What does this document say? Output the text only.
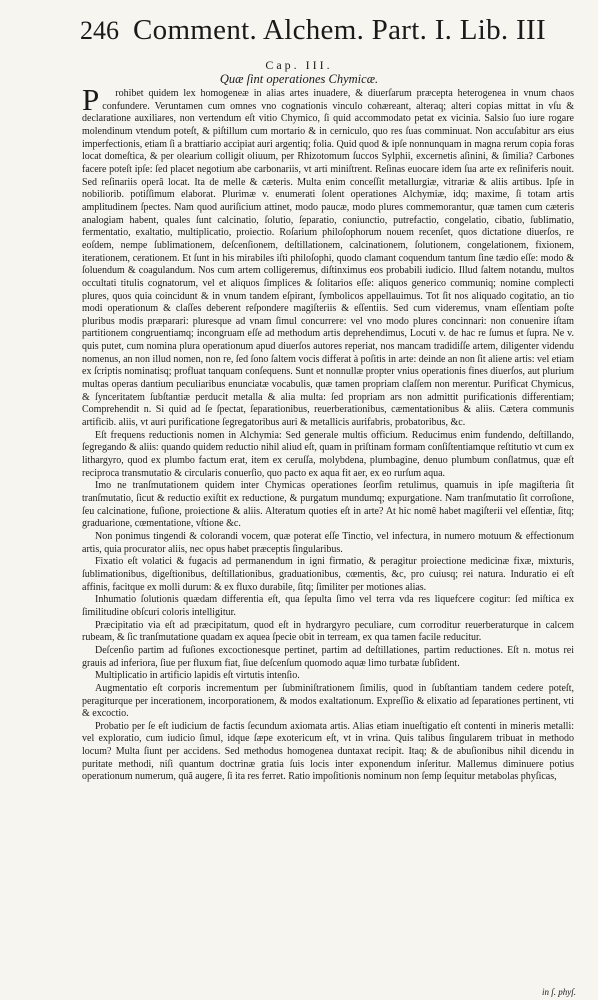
246 Comment. Alchem. Part. I. Lib. III
Cap. III.
Quæ ſint operationes Chymicæ.

P rohibet quidem lex homogeneæ in alias artes inuadere, & diuerſarum præcepta heterogenea in vnum chaos confundere. Veruntamen cum omnes vno cognationis vinculo cohæreant, alteraq; alteri copias mittat in vſu & declaratione auxiliares, non vertendum eſt vitio Chymico, ſi quid accommodato petat ex vicinia. Salsio ſuo iure rogare molendinum vtendum poteſt, & piſtillum cum mortario & in cerniculo, quo res ſuas comminuat. Non accuſabitur ars eius imperfectionis, etiam ſi a brattiario accipiat auri argentiq; folia. Quid quod & ipſe nonnunquam in magna rerum copia foras locat domeſtica, & per olearium colligit oliuum, per Rhizotomum ſuccos Sylphii, excernetis aſinini, & ſimilia? Carbones facere poteſt ipſe: ſed placet negotium abe carbonariis, vt arti miniſtrent. Reſinas euocare idem ſua arte ex reſiniferis nouit. Sed reſinariis operâ locat. Ita de melle & cæteris. Multa enim conceſſit metallurgiæ, vitrariæ & aliis artibus. Ipſe in nobiliorib. potiſſimum elaborat. Plurimæ v. enumerati ſolent operationes Alchymiæ, idq; maxime, ſi totam artis amplitudinem ſpectes. Nam quod auriſicium attinet, modo paucæ, modo plures commemorantur, quæ tamen cum cæteris analogiam habent, quales ſunt calcinatio, ſolutio, ſeparatio, coniunctio, putrefactio, congelatio, cibatio, ſublimatio, fermentatio, exaltatio, multiplicatio, proiectio. Roſarium philoſophorum nouem recenſet, quos dictatione diuerſos, re eoſdem, nempe ſublimationem, deſcenſionem, deſtillationem, calcinationem, ſolutionem, congelationem, fixionem, iterationem, cerationem. Et ſunt in his mirabiles iſti philoſophi, quodo clamant coquendum tantum ſine tædio eſſe: modo & ſoluendum & coagulandum. Nos cum artem colligeremus, diſtinximus eos probabili iudicio. Illud ſaltem notandu, multos occultati titulis cognatorum, vel et aliquos ſimplices & ſolitarios eſſe: aliquos generico communiq; nomine complecti plures, quos quia coincidunt & in vnum tandem eſpirant, ſymbolicos appellauimus. Tot ſit nos aliquado cogitatio, an tio modi operationum & claſſes deberent reſpondere magiſteriis & eſſentiis. Sed cum videremus, vnam eſſentiam poſte pluribus modis præparari: pluresque ad vnam ſimul concurrere: vel vno modo plures concinnari: non conuenire iſtam partitionem congruentiamq; incongruam eſſe ad methodum artis deprehendimus, Locuti v. de hac re ſumus et ſupra. Ne v. quis putet, cum nomina plura operationum apud diuerſos autores reperiat, nos mancam tradidiſſe artem, diligenter videndu nomenus, an non illud nomen, non re, ſed ſono ſaltem vocis differat à poſitis in arte: deinde an non ſit aliene artis: vel etiam ex ſcriptis nominatisq; profluat tanquam conſequens. Sunt et nonnullæ propter vnius operationis fines diuerſos, aut plurium multas operas dantium peculiaribus enunciatæ vocabulis, quæ tamen propriam claſſem non merentur. Purificat Chymicus, & ſynceritatem ſubſtantiæ perducit metalla & alia multa: ſed propriam ars non admittit purificationis differentiam; Comprehendit n. Si quid ad ſe ſpectat, ſeparationibus, reuerberationibus, cæmentationibus & aliis. Cætera communis artificib. aliis, vt auri purificatione ſegregatoribus auri & metallicis aurifabris, probatoribus, &c.

Eſt frequens reductionis nomen in Alchymia: Sed generale multis officium. Reducimus enim fundendo, deſtillando, ſegregando & aliis: quando quidem reductio nihil aliud eſt, quam in priſtinam formam conſiſtentiamque reſtitutio vt cum ex lithargyro, quod ex plumbo factum erat, item ex ceruſſa, molybdena, plumbagine, denuo plumbum conſlatmus, quæ eſt reciproca transmutatio & circularis conuerſio, quo pacto ex aqua fit aer, ex eo rurſum aqua.

Imo ne tranſmutationem quidem inter Chymicas operationes ſeorſim retulimus, quamuis in ipſe magiſteria ſit tranſmutatio, ſicut & reductio exiſtit ex reductione, & purgatum mundumq; expurgatione. Nam tranſmutatio ſit corroſione, ſeu calcinatione, fuſione, proiectione & aliis. Alteratum quoties eſt in arte? At hic nomê habet magiſterii vel eſſentiæ, ſitq; graduarione, cœmentatione, vſtione &c.

Non ponimus tingendi & colorandi vocem, quæ poterat eſſe Tinctio, vel infectura, in numero motuum & effectionum artis, quia procurator aliis, nec opus habet præceptis ſingularibus.

Fixatio eſt volatici & fugacis ad permanendum in igni firmatio, & peragitur proiectione medicinæ fixæ, mixturis, ſublimationibus, digeſtionibus, deſtillationibus, graduationibus, cœmentis, &c, pro cuiusq; rei natura. Induratio ei eſt affinis, facitque ex molli durum: & ex fluxo durabile, ſitq; ſimiliter per motiones alias.

Inhumatio ſolutionis quædam differentia eſt, qua ſepulta ſimo vel terra vda res liquefcere cogitur: ſed miſtica ex ſimilitudine obſcuri coloris intelligitur.

Præcipitatio via eſt ad præcipitatum, quod eſt in hydrargyro peculiare, cum corroditur reuerberaturque in calcem rubeam, & ſic tranſmutatione quadam ex aquea ſpecie obit in terream, ex qua tamen facile reducitur.

Deſcenſio partim ad fuſiones excoctionesque pertinet, partim ad deſtillationes, partim reductiones. Eſt n. motus rei grauis ad inferiora, ſiue per fluxum fiat, ſiue deſcenſum quomodo aquæ limo turbatæ ſubſident.

Multiplicatio in artificio lapidis eſt virtutis intenſio.

Augmentatio eſt corporis incrementum per ſubminiſtrationem ſimilis, quod in ſubſtantiam tandem cedere poteſt, peragiturque per incerationem, incorporationem, & modos exaltationum. Expreſſio & elixatio ad ſeparationes pertinent, vti & excoctio.

Probatio per ſe eſt iudicium de factis ſecundum axiomata artis. Alias etiam inueſtigatio eſt contenti in mineris metalli: vel exploratio, cum iudicio ſimul, idque ſæpe exotericum eſt, vt in vrina. Quis talibus ſingularem tribuat in methodo locum? Multa ſiunt per accidens. Sed methodus homogenea duntaxat recipit. Itaq; & de abuſionibus nihil dicendu in puritate methodi, niſi quantum doctrinæ gratia ſuis locis inter exponendum inſeritur. Mallemus diminuere potius operationum numerum, quã augere, ſi ita res ferret. Ratio impoſitionis nominum non ſemp ſequitur metabolas phyſicas,

in ſ. phyſ.
